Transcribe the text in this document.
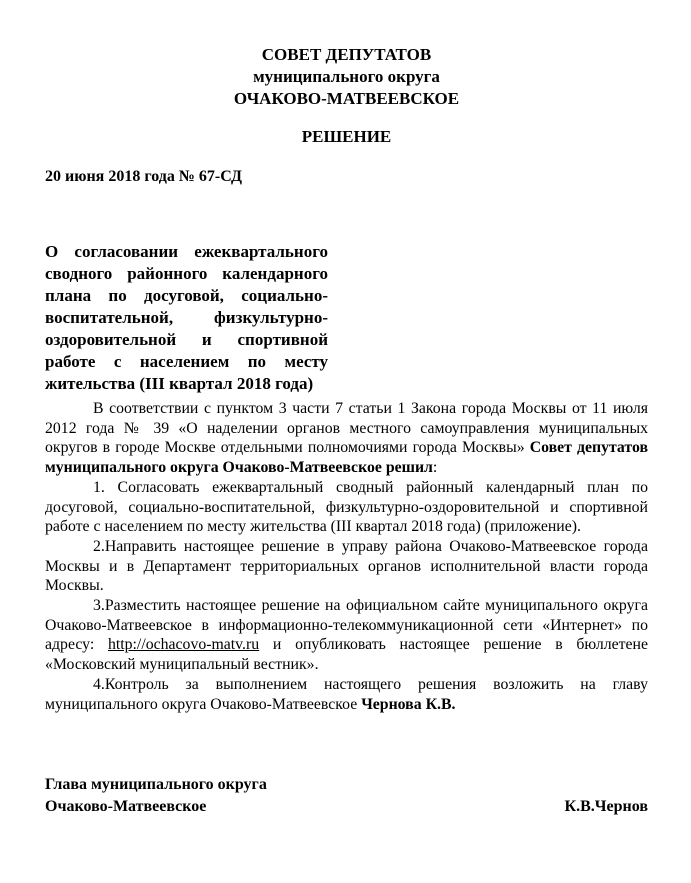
СОВЕТ ДЕПУТАТОВ
муниципального округа
ОЧАКОВО-МАТВЕЕВСКОЕ
РЕШЕНИЕ
20 июня 2018 года № 67-СД
О согласовании ежеквартального сводного районного календарного плана по досуговой, социально-воспитательной, физкультурно-оздоровительной и спортивной работе с населением по месту жительства (III квартал 2018 года)

В соответствии с пунктом 3 части 7 статьи 1 Закона города Москвы от 11 июля 2012 года № 39 «О наделении органов местного самоуправления муниципальных округов в городе Москве отдельными полномочиями города Москвы» Совет депутатов муниципального округа Очаково-Матвеевское решил:

1. Согласовать ежеквартальный сводный районный календарный план по досуговой, социально-воспитательной, физкультурно-оздоровительной и спортивной работе с населением по месту жительства (III квартал 2018 года) (приложение).

2.Направить настоящее решение в управу района Очаково-Матвеевское города Москвы и в Департамент территориальных органов исполнительной власти города Москвы.

3.Разместить настоящее решение на официальном сайте муниципального округа Очаково-Матвеевское в информационно-телекоммуникационной сети «Интернет» по адресу: http://ochacovo-matv.ru и опубликовать настоящее решение в бюллетене «Московский муниципальный вестник».

4.Контроль за выполнением настоящего решения возложить на главу муниципального округа Очаково-Матвеевское Чернова К.В.

Глава муниципального округа
Очаково-Матвеевское	К.В.Чернов
